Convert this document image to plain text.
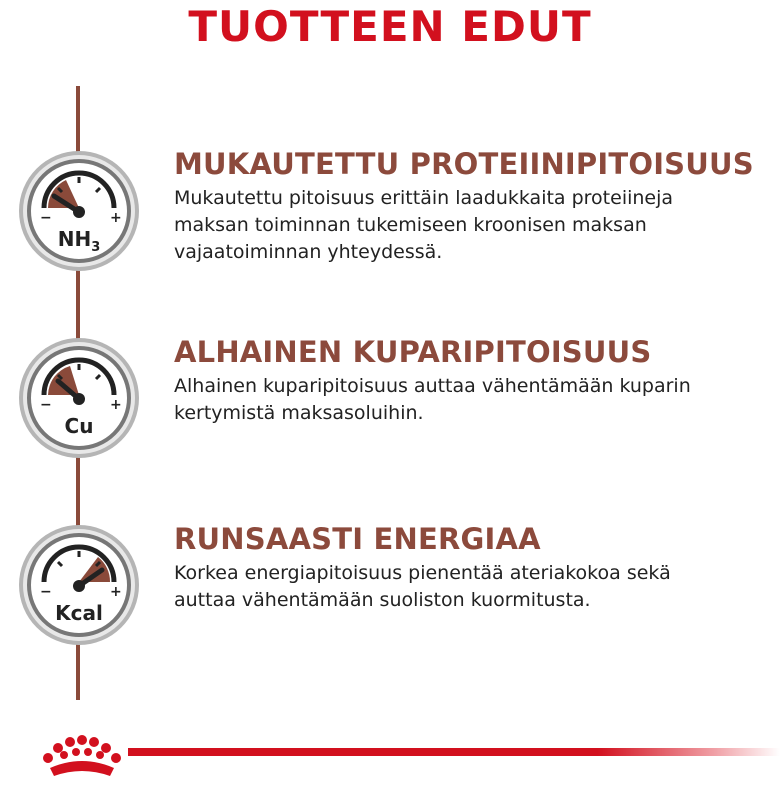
TUOTTEEN EDUT
−	+
$NH_3$
MUKAUTETTU PROTEIINIPITOISUUS

Mukautettu pitoisuus erittäin laadukkaita proteiineja
maksan toiminnan tukemiseen kroonisen maksan
vajaatoiminnan yhteydessä.

−	+
Cu
ALHAINEN KUPARIPITOISUUS

Alhainen kuparipitoisuus auttaa vähentämään kuparin
kertymistä maksasoluihin.

−	+
Kcal
RUNSAASTI ENERGIAA

Korkea energiapitoisuus pienentää ateriakokoa sekä
auttaa vähentämään suoliston kuormitusta.
